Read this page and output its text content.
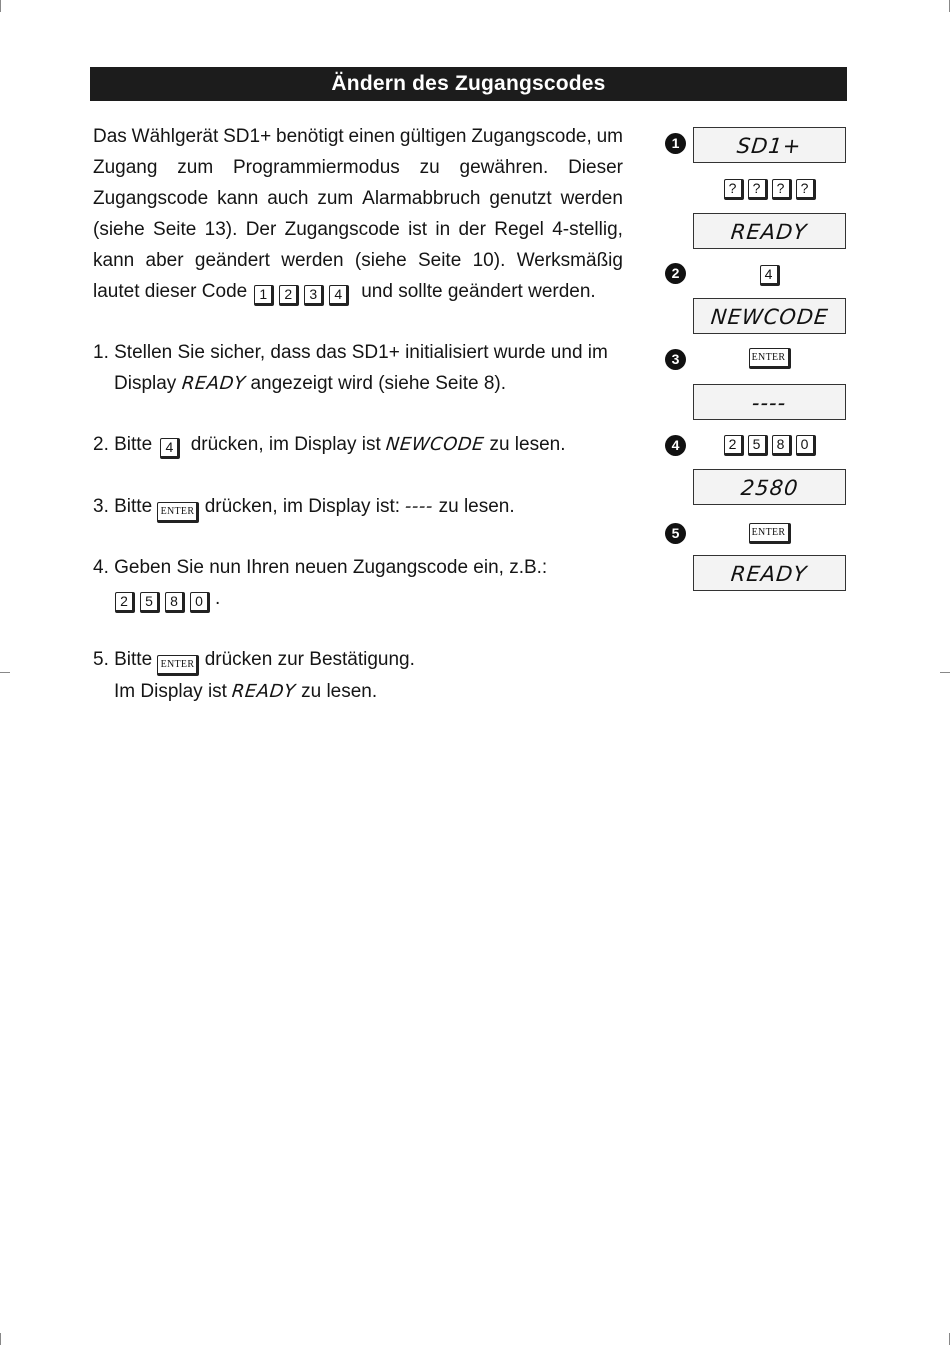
Ändern des Zugangscodes
Das Wählgerät SD1+ benötigt einen gültigen Zugangscode, um
Zugang zum Programmiermodus zu gewähren. Dieser
Zugangscode kann auch zum Alarmabbruch genutzt werden
(siehe Seite 13). Der Zugangscode ist in der Regel 4-stellig,
kann aber geändert werden (siehe Seite 10). Werksmäßig
lautet dieser Code 1 2 3 4	und sollte geändert werden.
1. Stellen Sie sicher, dass das SD1+ initialisiert wurde und im
Display READY angezeigt wird (siehe Seite 8).
2. Bitte 4 drücken, im Display ist NEWCODE zu lesen.
3. Bitte ENTER drücken, im Display ist: ---- zu lesen.
4. Geben Sie nun Ihren neuen Zugangscode ein, z.B.:
2 5 8 0 .
5. Bitte ENTER drücken zur Bestätigung.
Im Display ist READY zu lesen.
1
2
3
4
5
SD1+
? ? ? ?
READY
4
NEWCODE
ENTER
----
2 5 8 0
2580
ENTER
READY
